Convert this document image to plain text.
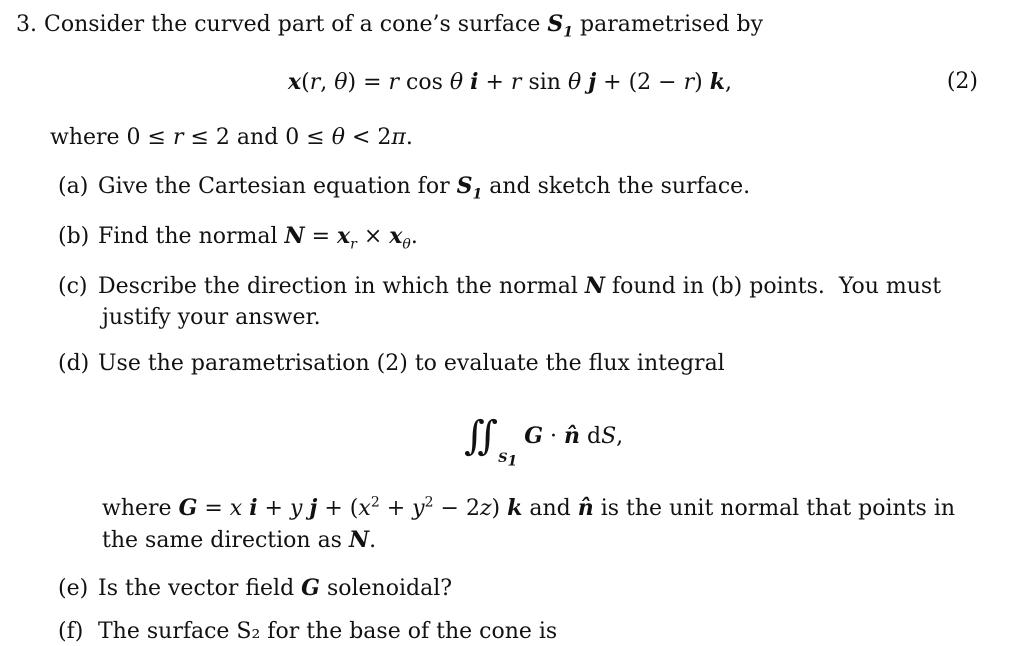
3. Consider the curved part of a cone’s surface $S_1$ parametrised by
x(r, θ) = r cos θ i + r sin θ j + (2 − r) k,	(2)
where 0 ≤ r ≤ 2 and 0 ≤ θ < 2π.
(a) Give the Cartesian equation for $S_1$ and sketch the surface.
(b) Find the normal $N = x_r \times x_\theta$.
(c) Describe the direction in which the normal N found in (b) points.  You must
justify your answer.
(d) Use the parametrisation (2) to evaluate the flux integral
$∬_{S_1}$ G · n̂ dS,
where G = x i + y $j + (x^2 + y^2 - 2z)$ k and n̂ is the unit normal that points in
the same direction as N.
(e) Is the vector field G solenoidal?
(f) The surface S₂ for the base of the cone is
